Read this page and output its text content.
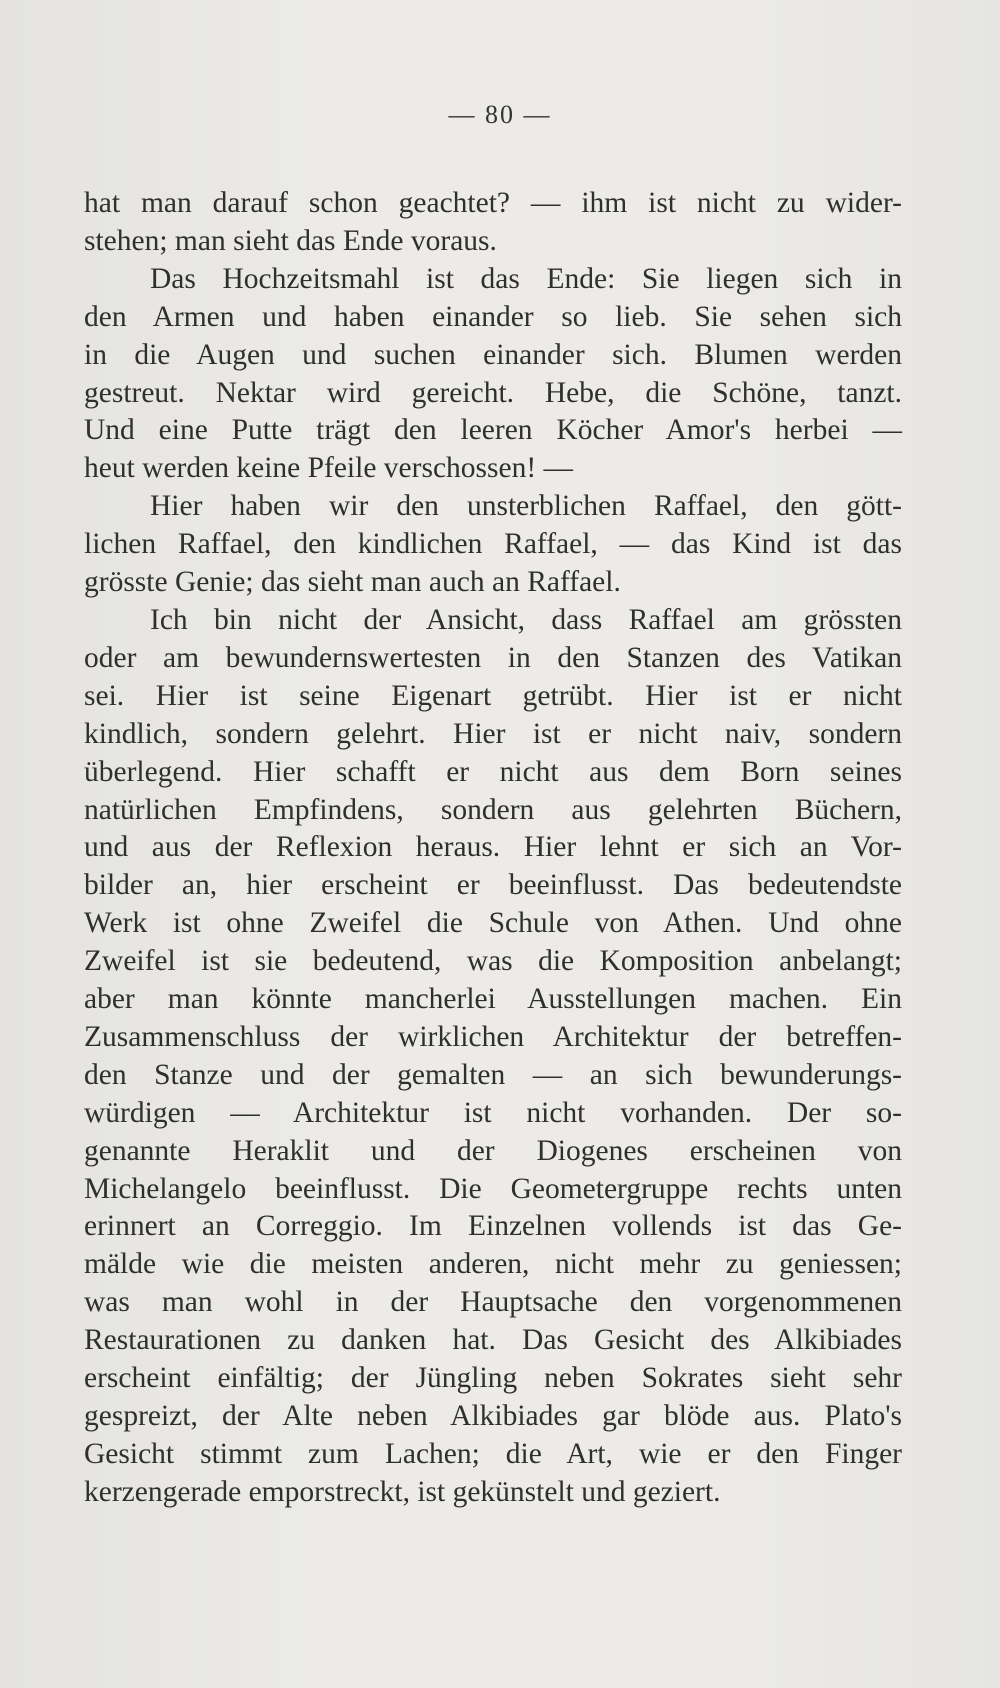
— 80 —
hat man darauf schon geachtet? — ihm ist nicht zu wider-
stehen; man sieht das Ende voraus.
Das Hochzeitsmahl ist das Ende: Sie liegen sich in
den Armen und haben einander so lieb. Sie sehen sich
in die Augen und suchen einander sich. Blumen werden
gestreut. Nektar wird gereicht. Hebe, die Schöne, tanzt.
Und eine Putte trägt den leeren Köcher Amor's herbei —
heut werden keine Pfeile verschossen! —
Hier haben wir den unsterblichen Raffael, den gött-
lichen Raffael, den kindlichen Raffael, — das Kind ist das
grösste Genie; das sieht man auch an Raffael.
Ich bin nicht der Ansicht, dass Raffael am grössten
oder am bewundernswertesten in den Stanzen des Vatikan
sei. Hier ist seine Eigenart getrübt. Hier ist er nicht
kindlich, sondern gelehrt. Hier ist er nicht naiv, sondern
überlegend. Hier schafft er nicht aus dem Born seines
natürlichen Empfindens, sondern aus gelehrten Büchern,
und aus der Reflexion heraus. Hier lehnt er sich an Vor-
bilder an, hier erscheint er beeinflusst. Das bedeutendste
Werk ist ohne Zweifel die Schule von Athen. Und ohne
Zweifel ist sie bedeutend, was die Komposition anbelangt;
aber man könnte mancherlei Ausstellungen machen. Ein
Zusammenschluss der wirklichen Architektur der betreffen-
den Stanze und der gemalten — an sich bewunderungs-
würdigen — Architektur ist nicht vorhanden. Der so-
genannte Heraklit und der Diogenes erscheinen von
Michelangelo beeinflusst. Die Geometergruppe rechts unten
erinnert an Correggio. Im Einzelnen vollends ist das Ge-
mälde wie die meisten anderen, nicht mehr zu geniessen;
was man wohl in der Hauptsache den vorgenommenen
Restaurationen zu danken hat. Das Gesicht des Alkibiades
erscheint einfältig; der Jüngling neben Sokrates sieht sehr
gespreizt, der Alte neben Alkibiades gar blöde aus. Plato's
Gesicht stimmt zum Lachen; die Art, wie er den Finger
kerzengerade emporstreckt, ist gekünstelt und geziert.
